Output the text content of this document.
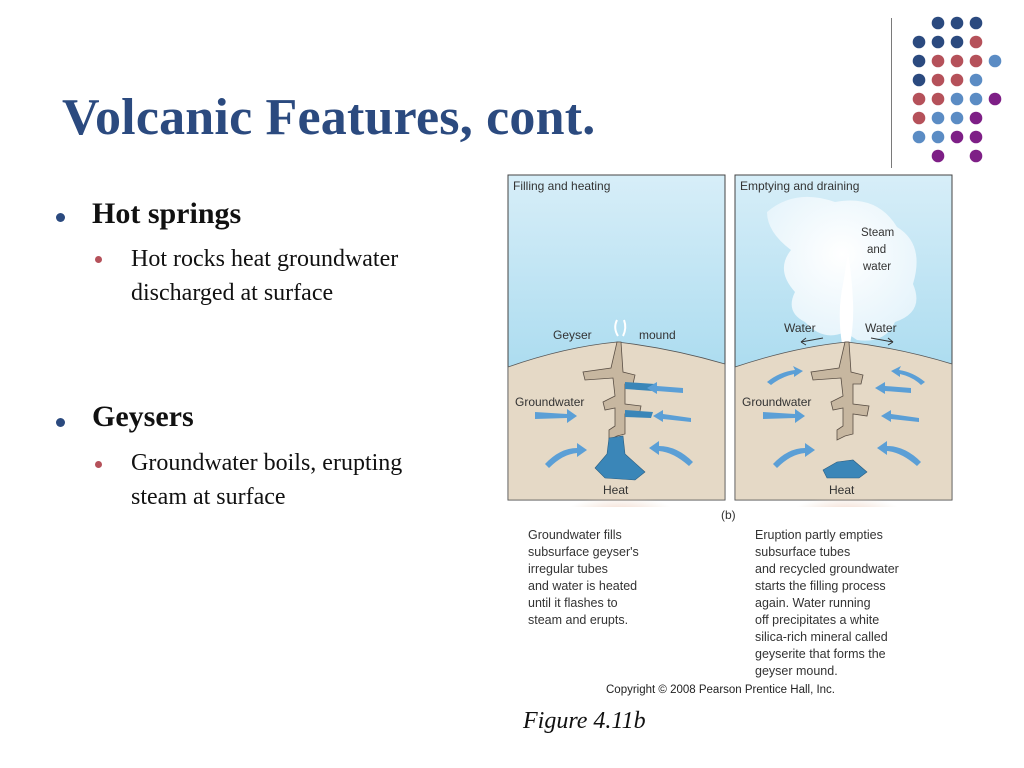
Volcanic Features, cont.
Hot springs
Hot rocks heat groundwater discharged at surface
Geysers
Groundwater boils, erupting steam at surface
Filling and heating	Emptying and draining
Geyser	mound
Groundwater	Groundwater
Heat	Heat
Steam
and
water
Water	Water
(b)
Groundwater fills
subsurface geyser's
irregular tubes
and water is heated
until it flashes to
steam and erupts.
Eruption partly empties
subsurface tubes
and recycled groundwater
starts the filling process
again. Water running
off precipitates a white
silica-rich mineral called
geyserite that forms the
geyser mound.
Copyright © 2008 Pearson Prentice Hall, Inc.
Figure 4.11b
